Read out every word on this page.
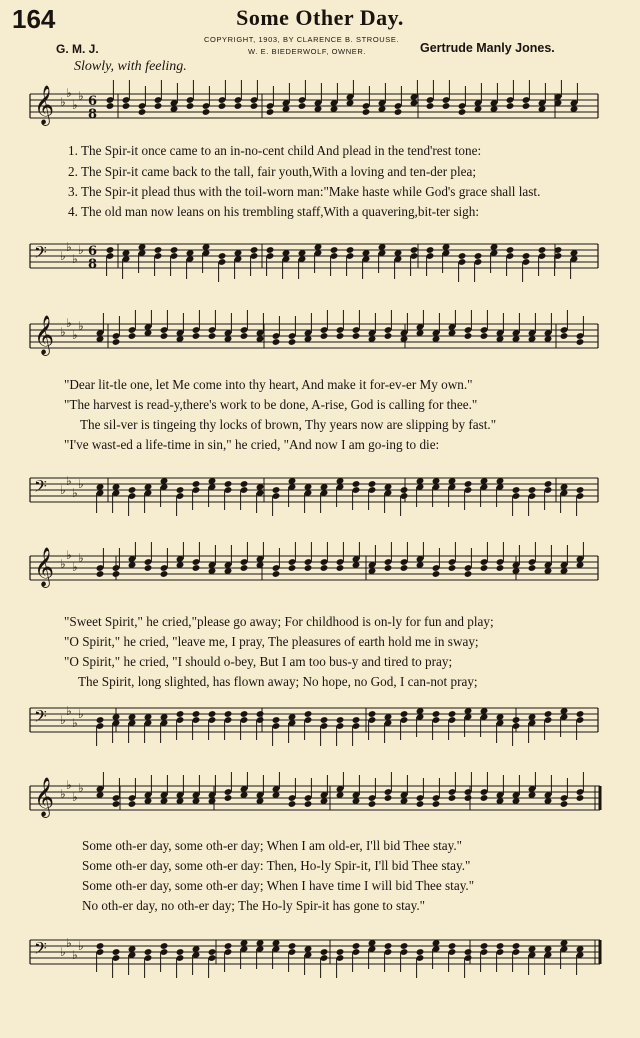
164	Some Other Day.
COPYRIGHT, 1903, BY CLARENCE B. STROUSE.
W. E. BIEDERWOLF, OWNER.
G. M. J.	Gertrude Manly Jones.
Slowly, with feeling.
𝄞 ♭
♭
♭
♭ 6
8
1. The Spir-it once came to an in-no-cent child And plead in the tend'rest tone:
2. The Spir-it came back to the tall, fair youth,With a loving and ten-der plea;
3. The Spir-it plead thus with the toil-worn man:"Make haste while God's grace shall last.
4. The old man now leans on his trembling staff,With a quavering,bit-ter sigh:
𝄢 ♭
♭
♭
♭ 6
8
𝄞 ♭
♭
♭
♭
"Dear lit-tle one, let Me come into thy heart, And make it for-ev-er My own."
"The harvest is read-y,there's work to be done, A-rise, God is calling for thee."
The sil-ver is tingeing thy locks of brown, Thy years now are slipping by fast."
"I've wast-ed a life-time in sin," he cried, "And now I am go-ing to die:
𝄢 ♭
♭
♭
♭
𝄞 ♭
♭
♭
♭
"Sweet Spirit," he cried,"please go away; For childhood is on-ly for fun and play;
"O Spirit," he cried, "leave me, I pray, The pleasures of earth hold me in sway;
"O Spirit," he cried, "I should o-bey, But I am too bus-y and tired to pray;
The Spirit, long slighted, has flown away; No hope, no God, I can-not pray;
𝄢 ♭
♭
♭
♭
𝄞 ♭
♭
♭
♭
Some oth-er day, some oth-er day; When I am old-er, I'll bid Thee stay."
Some oth-er day, some oth-er day: Then, Ho-ly Spir-it, I'll bid Thee stay."
Some oth-er day, some oth-er day; When I have time I will bid Thee stay."
No oth-er day, no oth-er day; The Ho-ly Spir-it has gone to stay."
𝄢 ♭
♭
♭
♭
